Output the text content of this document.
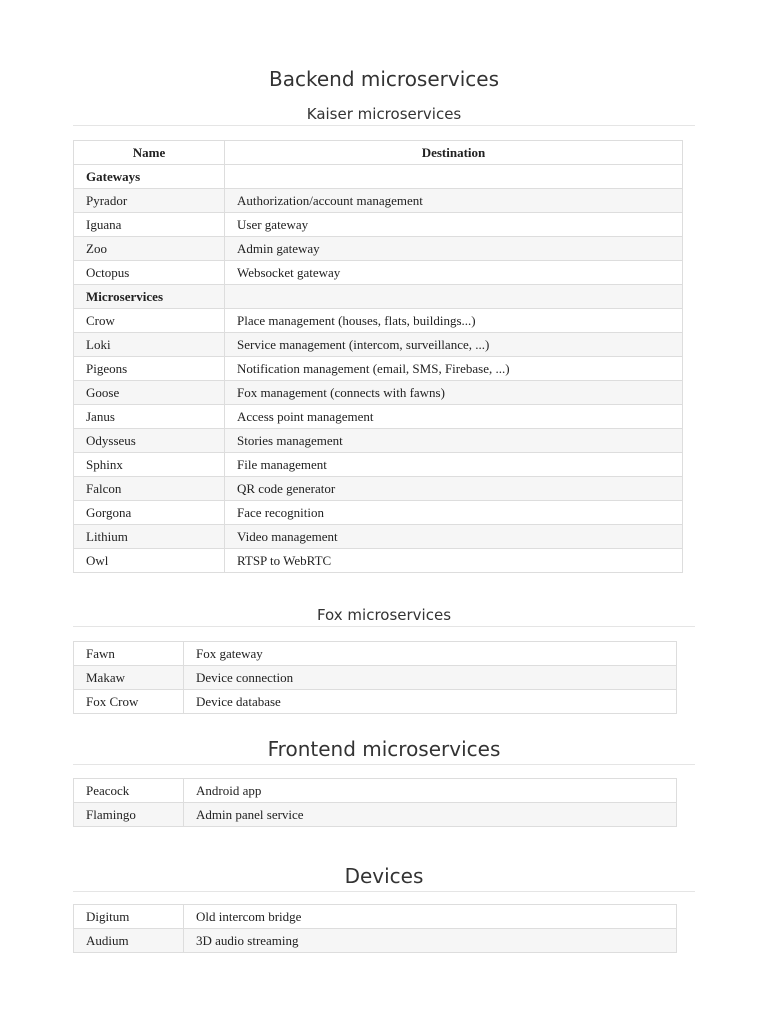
Backend microservices
Kaiser microservices
Name	Destination
Gateways	
Pyrador	Authorization/account management
Iguana	User gateway
Zoo	Admin gateway
Octopus	Websocket gateway
Microservices	
Crow	Place management (houses, flats, buildings...)
Loki	Service management (intercom, surveillance, ...)
Pigeons	Notification management (email, SMS, Firebase, ...)
Goose	Fox management (connects with fawns)
Janus	Access point management
Odysseus	Stories management
Sphinx	File management
Falcon	QR code generator
Gorgona	Face recognition
Lithium	Video management
Owl	RTSP to WebRTC
Fox microservices
Fawn	Fox gateway
Makaw	Device connection
Fox Crow	Device database
Frontend microservices
Peacock	Android app
Flamingo	Admin panel service
Devices
Digitum	Old intercom bridge
Audium	3D audio streaming
